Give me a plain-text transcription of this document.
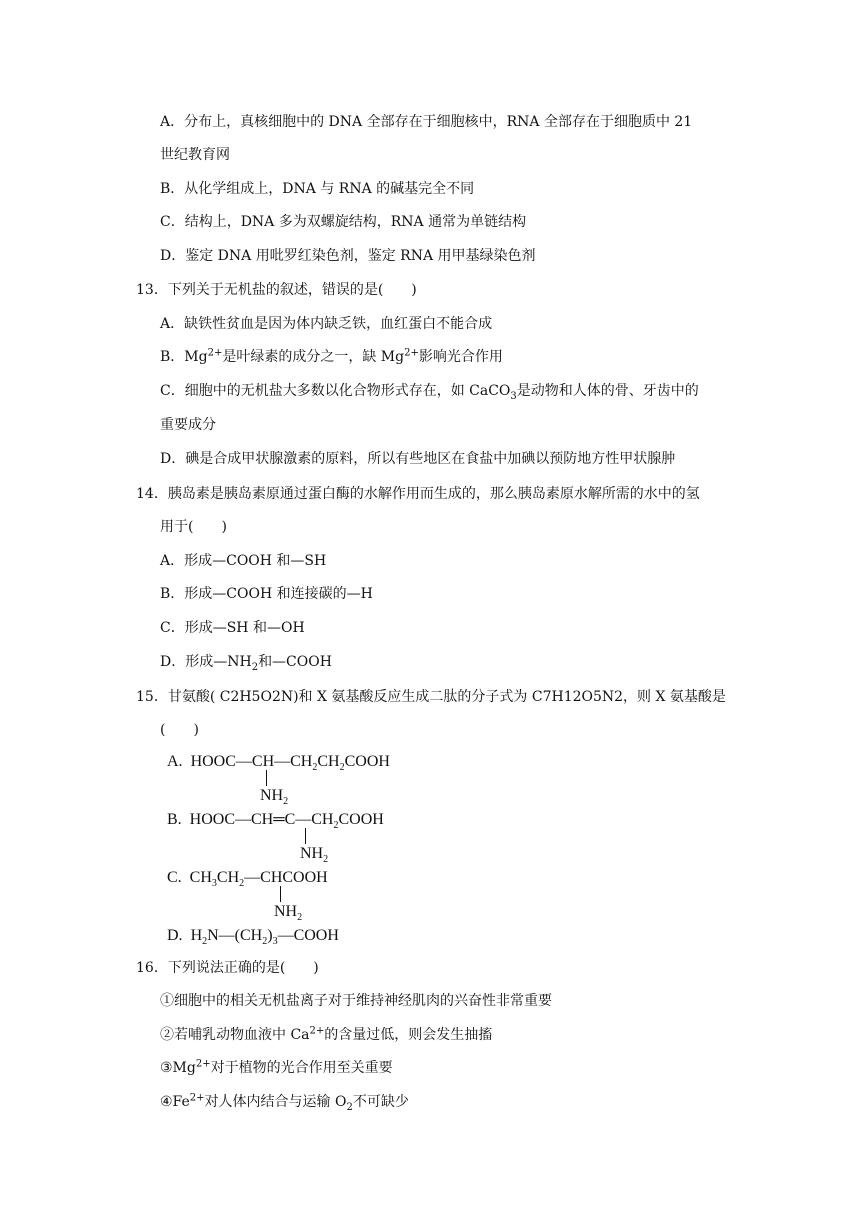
A．分布上，真核细胞中的 DNA 全部存在于细胞核中，RNA 全部存在于细胞质中 21
世纪教育网
B．从化学组成上，DNA 与 RNA 的碱基完全不同
C．结构上，DNA 多为双螺旋结构，RNA 通常为单链结构
D．鉴定 DNA 用吡罗红染色剂，鉴定 RNA 用甲基绿染色剂
13．下列关于无机盐的叙述，错误的是(　　)
A．缺铁性贫血是因为体内缺乏铁，血红蛋白不能合成
B．$Mg^{2+}$是叶绿素的成分之一，缺 $Mg^{2+}$影响光合作用
C．细胞中的无机盐大多数以化合物形式存在，如 CaCO$_3$是动物和人体的骨、牙齿中的
重要成分
D．碘是合成甲状腺激素的原料，所以有些地区在食盐中加碘以预防地方性甲状腺肿
14．胰岛素是胰岛素原通过蛋白酶的水解作用而生成的，那么胰岛素原水解所需的水中的氢
用于(　　)
A．形成—COOH 和—SH
B．形成—COOH 和连接碳的—H
C．形成—SH 和—OH
D．形成$—NH_2$和—COOH
15．甘氨酸( C2H5O2N)和 X 氨基酸反应生成二肽的分子式为 C7H12O5N2，则 X 氨基酸是
(　　)
A. $HOOC—CH—CH_2CH_2COOH$
$NH_2$
B. $HOOC—CH═C—CH_2COOH$
$NH_2$
C. $CH_3CH_2—CHCOOH$
$NH_2$
D. $H_2N—(CH_2)_3—COOH$
16．下列说法正确的是(　　)
①细胞中的相关无机盐离子对于维持神经肌肉的兴奋性非常重要
②若哺乳动物血液中 $Ca^{2+}$的含量过低，则会发生抽搐
$③Mg^{2+}$对于植物的光合作用至关重要
$④Fe^{2+}$对人体内结合与运输 $O_2$不可缺少
